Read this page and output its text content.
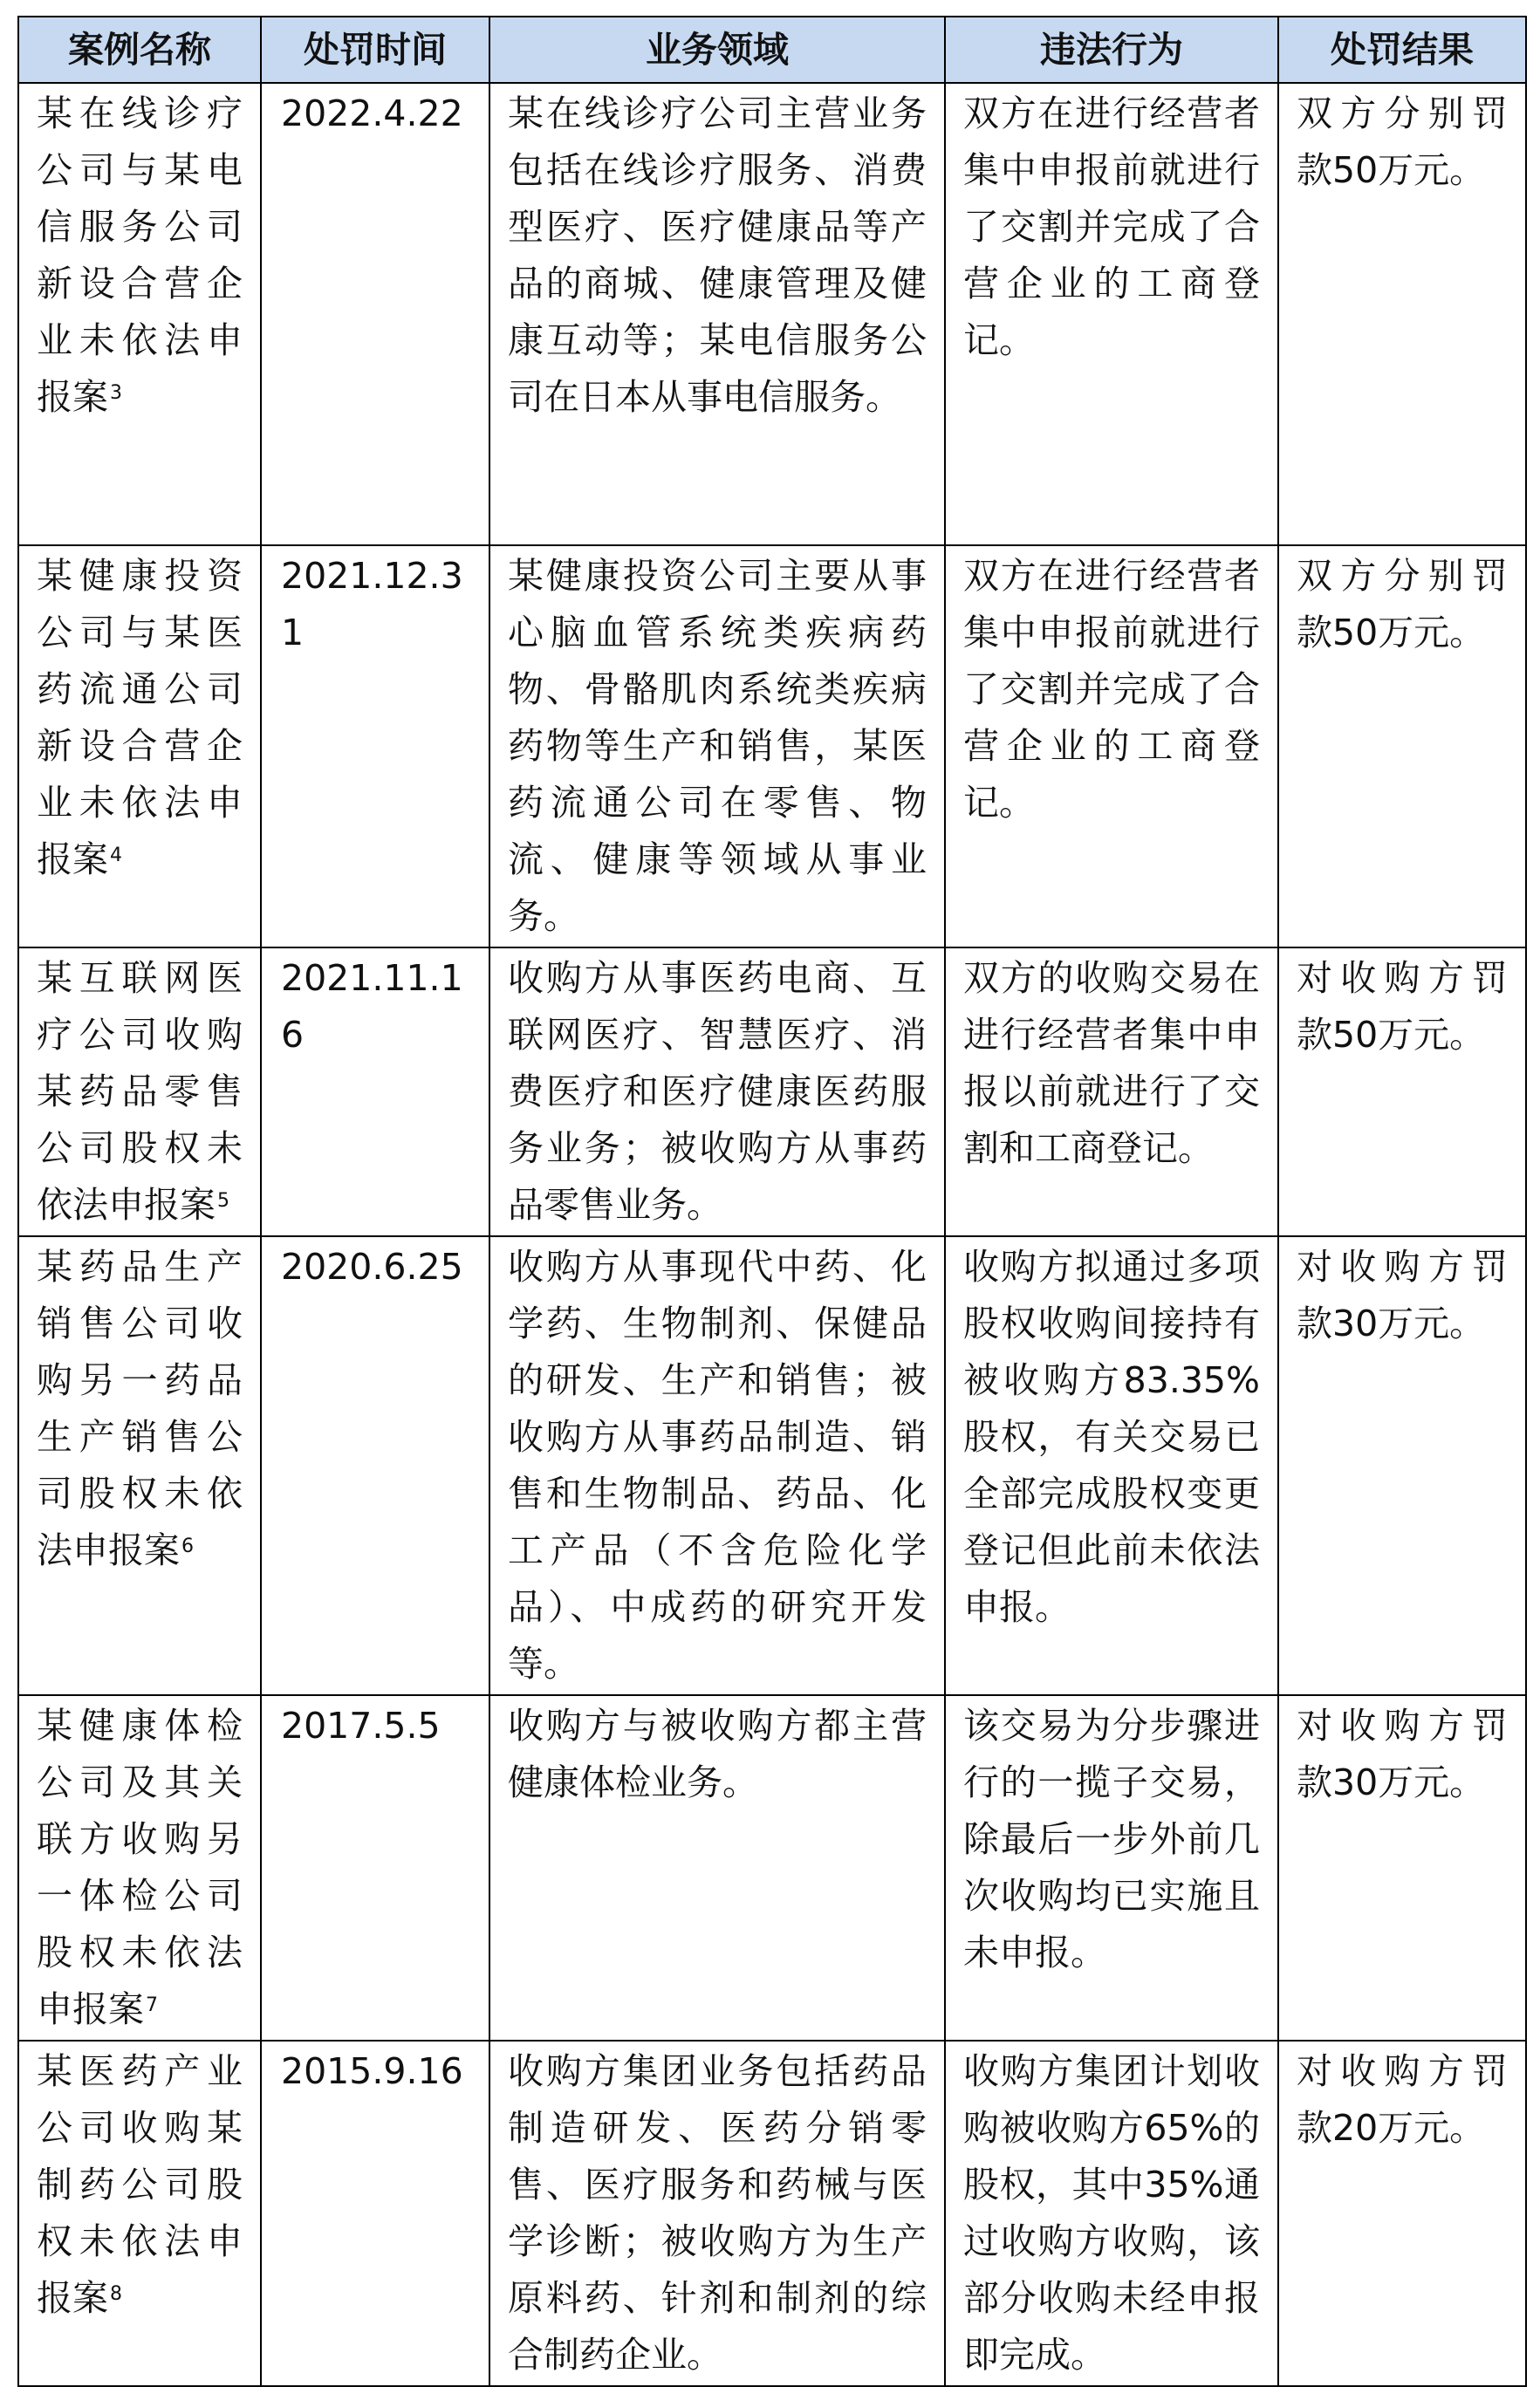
案例名称	处罚时间	业务领域	违法行为	处罚结果
某在线诊疗公司与某电信服务公司新设合营企业未依法申报案$^3$	2022.4.22	某在线诊疗公司主营业务包括在线诊疗服务、消费型医疗、医疗健康品等产品的商城、健康管理及健康互动等；某电信服务公司在日本从事电信服务。	双方在进行经营者集中申报前就进行了交割并完成了合营企业的工商登记。	双方分别罚款50万元。
某健康投资公司与某医药流通公司新设合营企业未依法申报案$^4$	2021.12.31	某健康投资公司主要从事心脑血管系统类疾病药物、骨骼肌肉系统类疾病药物等生产和销售，某医药流通公司在零售、物流、健康等领域从事业务。	双方在进行经营者集中申报前就进行了交割并完成了合营企业的工商登记。	双方分别罚款50万元。
某互联网医疗公司收购某药品零售公司股权未依法申报案$^5$	2021.11.16	收购方从事医药电商、互联网医疗、智慧医疗、消费医疗和医疗健康医药服务业务；被收购方从事药品零售业务。	双方的收购交易在进行经营者集中申报以前就进行了交割和工商登记。	对收购方罚款50万元。
某药品生产销售公司收购另一药品生产销售公司股权未依法申报案$^6$	2020.6.25	收购方从事现代中药、化学药、生物制剂、保健品的研发、生产和销售；被收购方从事药品制造、销售和生物制品、药品、化工产品（不含危险化学品）、中成药的研究开发等。	收购方拟通过多项股权收购间接持有被收购方83.35%股权，有关交易已全部完成股权变更登记但此前未依法申报。	对收购方罚款30万元。
某健康体检公司及其关联方收购另一体检公司股权未依法申报案$^7$	2017.5.5	收购方与被收购方都主营健康体检业务。	该交易为分步骤进行的一揽子交易，除最后一步外前几次收购均已实施且未申报。	对收购方罚款30万元。
某医药产业公司收购某制药公司股权未依法申报案$^8$	2015.9.16	收购方集团业务包括药品制造研发、医药分销零售、医疗服务和药械与医学诊断；被收购方为生产原料药、针剂和制剂的综合制药企业。	收购方集团计划收购被收购方65%的股权，其中35%通过收购方收购，该部分收购未经申报即完成。	对收购方罚款20万元。
